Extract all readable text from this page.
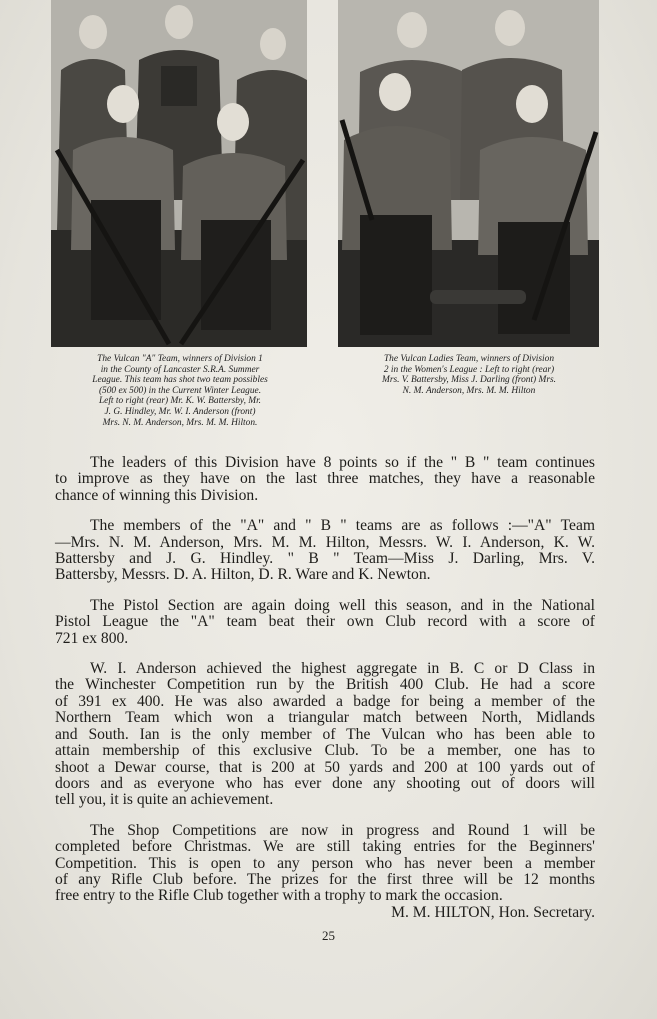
The Vulcan "A" Team, winners of Division 1
in the County of Lancaster S.R.A. Summer
League. This team has shot two team possibles
(500 ex 500) in the Current Winter League.
Left to right (rear) Mr. K. W. Battersby, Mr.
J. G. Hindley, Mr. W. I. Anderson (front)
Mrs. N. M. Anderson, Mrs. M. M. Hilton.
The Vulcan Ladies Team, winners of Division
2 in the Women's League : Left to right (rear)
Mrs. V. Battersby, Miss J. Darling (front) Mrs.
N. M. Anderson, Mrs. M. M. Hilton
The leaders of this Division have 8 points so if the " B " team continues
to improve as they have on the last three matches, they have a reasonable
chance of winning this Division.
The members of the "A" and " B " teams are as follows :—"A" Team
—Mrs. N. M. Anderson, Mrs. M. M. Hilton, Messrs. W. I. Anderson, K. W.
Battersby and J. G. Hindley. " B " Team—Miss J. Darling, Mrs. V.
Battersby, Messrs. D. A. Hilton, D. R. Ware and K. Newton.
The Pistol Section are again doing well this season, and in the National
Pistol League the "A" team beat their own Club record with a score of
721 ex 800.
W. I. Anderson achieved the highest aggregate in B. C or D Class in
the Winchester Competition run by the British 400 Club. He had a score
of 391 ex 400. He was also awarded a badge for being a member of the
Northern Team which won a triangular match between North, Midlands
and South. Ian is the only member of The Vulcan who has been able to
attain membership of this exclusive Club. To be a member, one has to
shoot a Dewar course, that is 200 at 50 yards and 200 at 100 yards out of
doors and as everyone who has ever done any shooting out of doors will
tell you, it is quite an achievement.
The Shop Competitions are now in progress and Round 1 will be
completed before Christmas. We are still taking entries for the Beginners'
Competition. This is open to any person who has never been a member
of any Rifle Club before. The prizes for the first three will be 12 months
free entry to the Rifle Club together with a trophy to mark the occasion.
M. M. HILTON, Hon. Secretary.
25
